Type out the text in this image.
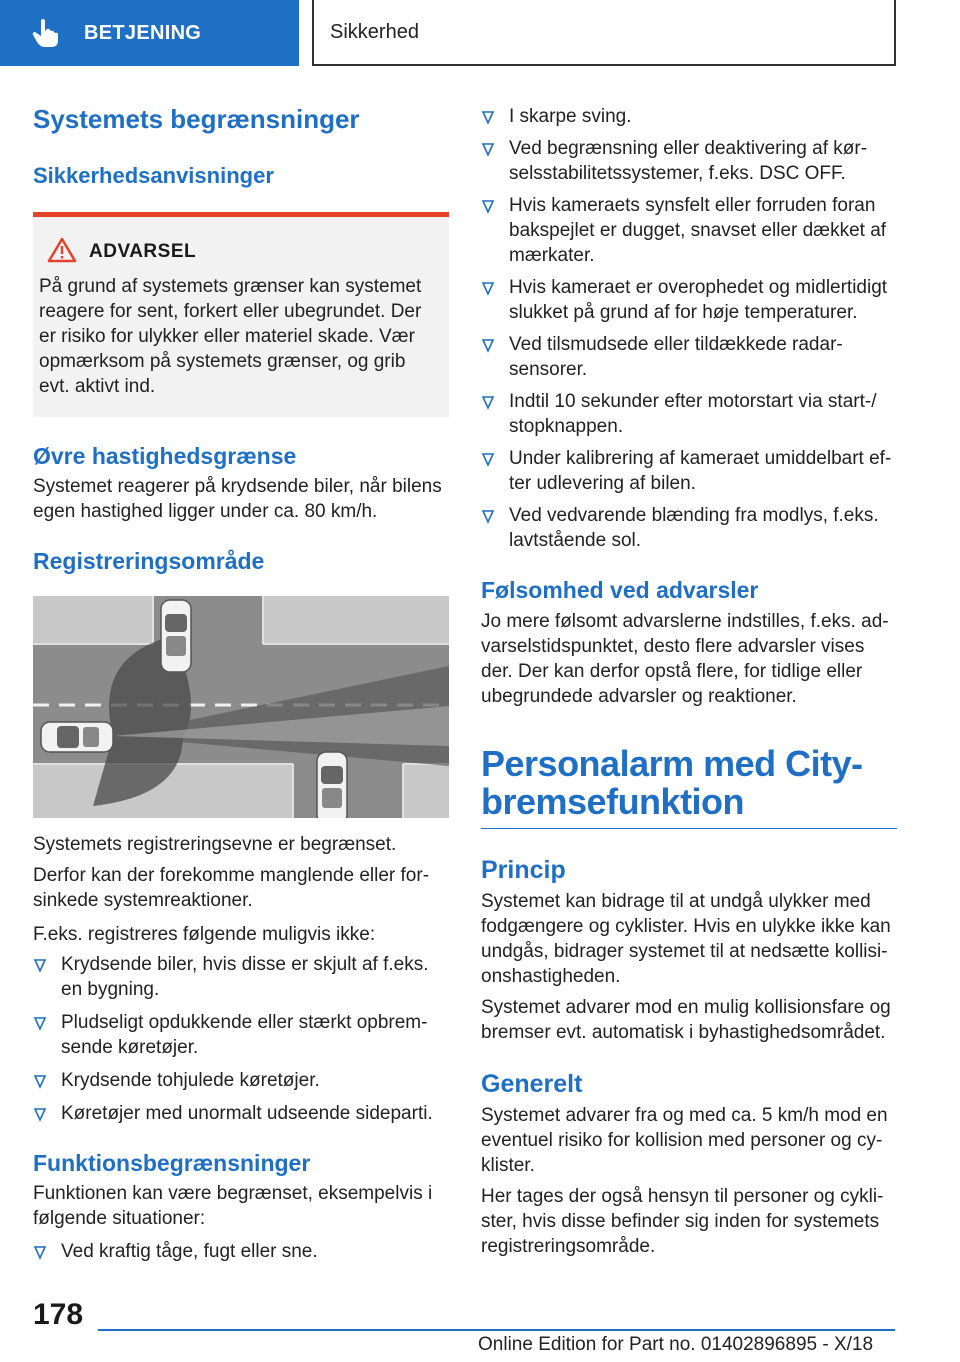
BETJENING	Sikkerhed
Systemets begrænsninger
Sikkerhedsanvisninger
ADVARSEL

På grund af systemets grænser kan systemet reagere for sent, forkert eller ubegrundet. Der er risiko for ulykker eller materiel skade. Vær opmærksom på systemets grænser, og grib evt. aktivt ind.

Øvre hastighedsgrænse

Systemet reagerer på krydsende biler, når bilens egen hastighed ligger under ca. 80 km/h.

Registreringsområde

Systemets registreringsevne er begrænset.

Derfor kan der forekomme manglende eller forsinkede systemreaktioner.

F.eks. registreres følgende muligvis ikke:

Krydsende biler, hvis disse er skjult af f.eks. en bygning.
Pludseligt opdukkende eller stærkt opbremsende køretøjer.
Krydsende tohjulede køretøjer.
Køretøjer med unormalt udseende sideparti.
Funktionsbegrænsninger

Funktionen kan være begrænset, eksempelvis i følgende situationer:

Ved kraftig tåge, fugt eller sne.
I skarpe sving.
Ved begrænsning eller deaktivering af kørselsstabilitetssystemer, f.eks. DSC OFF.
Hvis kameraets synsfelt eller forruden foran bakspejlet er dugget, snavset eller dækket af mærkater.
Hvis kameraet er overophedet og midlertidigt slukket på grund af for høje temperaturer.
Ved tilsmudsede eller tildækkede radarsensorer.
Indtil 10 sekunder efter motorstart via start-/ stopknappen.
Under kalibrering af kameraet umiddelbart efter udlevering af bilen.
Ved vedvarende blænding fra modlys, f.eks. lavtstående sol.
Følsomhed ved advarsler

Jo mere følsomt advarslerne indstilles, f.eks. advarselstidspunktet, desto flere advarsler vises der. Der kan derfor opstå flere, for tidlige eller ubegrundede advarsler og reaktioner.

Personalarm med City-bremsefunktion
Princip

Systemet kan bidrage til at undgå ulykker med fodgængere og cyklister. Hvis en ulykke ikke kan undgås, bidrager systemet til at nedsætte kollisionshastigheden.

Systemet advarer mod en mulig kollisionsfare og bremser evt. automatisk i byhastighedsområdet.

Generelt

Systemet advarer fra og med ca. 5 km/h mod en eventuel risiko for kollision med personer og cyklister.

Her tages der også hensyn til personer og cyklister, hvis disse befinder sig inden for systemets registreringsområde.

178
Online Edition for Part no. 01402896895 - X/18
